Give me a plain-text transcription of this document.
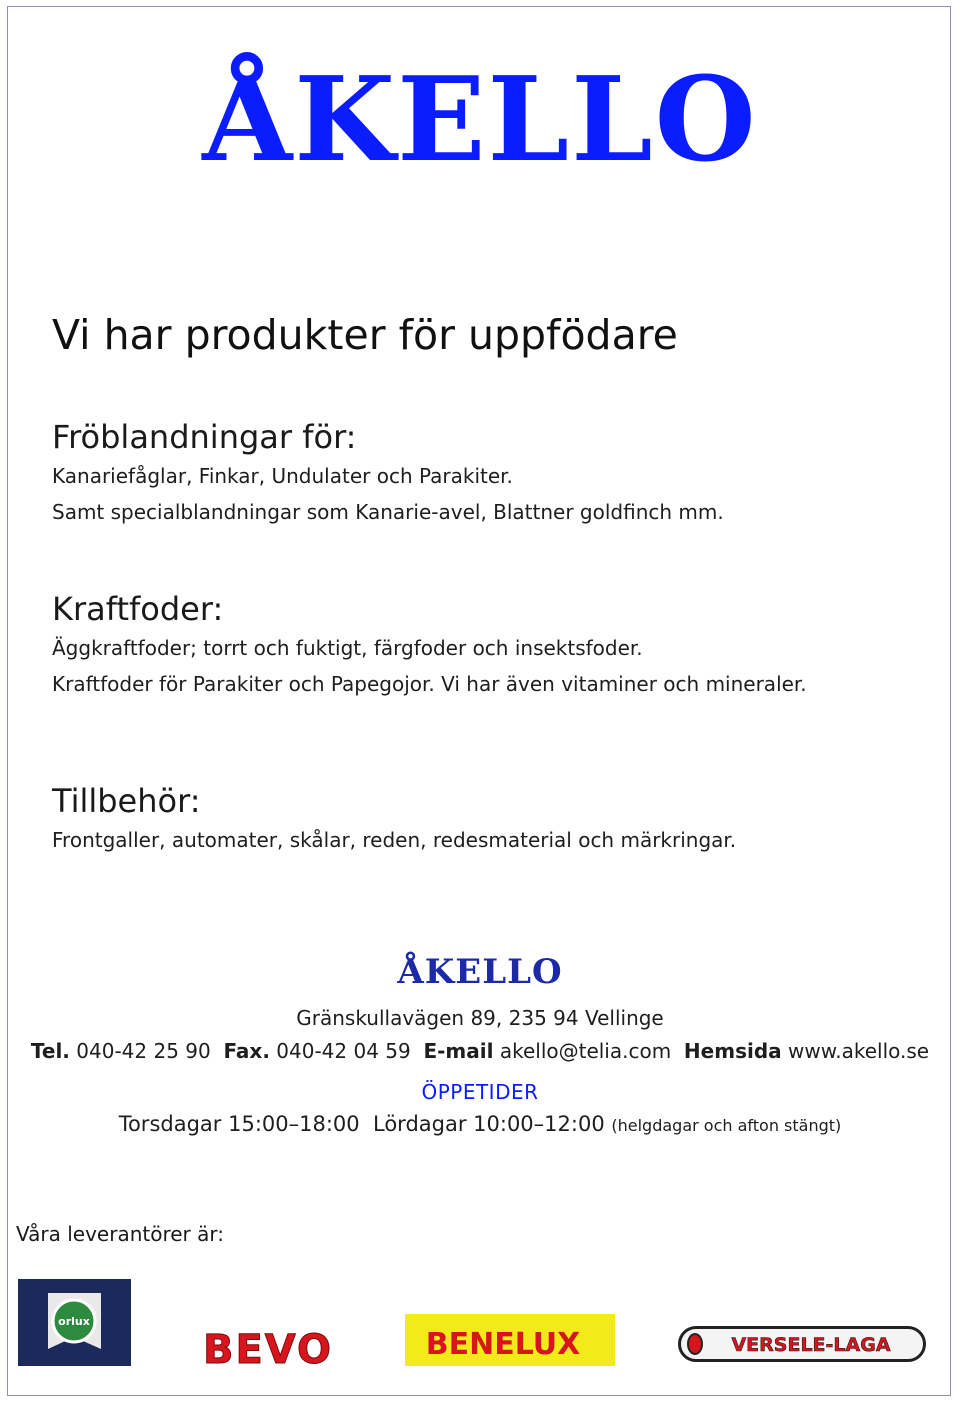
ÅKELLO
Vi har produkter för uppfödare
Fröblandningar för:
Kanariefåglar, Finkar, Undulater och Parakiter.
Samt specialblandningar som Kanarie-avel, Blattner goldfinch mm.
Kraftfoder:
Äggkraftfoder; torrt och fuktigt, färgfoder och insektsfoder.
Kraftfoder för Parakiter och Papegojor. Vi har även vitaminer och mineraler.
Tillbehör:
Frontgaller, automater, skålar, reden, redesmaterial och märkringar.
ÅKELLO
Gränskullavägen 89, 235 94 Vellinge
Tel. 040-42 25 90 Fax. 040-42 04 59 E-mail akello@telia.com Hemsida www.akello.se
ÖPPETIDER
Torsdagar 15:00–18:00 Lördagar 10:00–12:00 (helgdagar och afton stängt)
Våra leverantörer är:
orlux
BEVO	BENELUX	VERSELE-LAGA
